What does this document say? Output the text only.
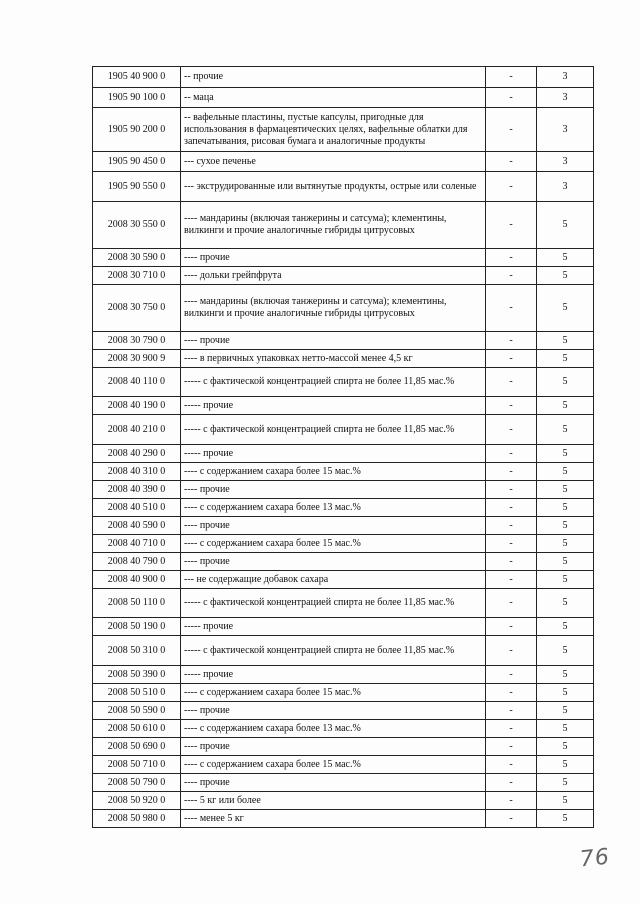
1905 40 900 0	-- прочие	-	3
1905 90 100 0	-- маца	-	3
1905 90 200 0	-- вафельные пластины, пустые капсулы, пригодные для использования в фармацевтических целях, вафельные облатки для запечатывания, рисовая бумага и аналогичные продукты	-	3
1905 90 450 0	--- сухое печенье	-	3
1905 90 550 0	--- экструдированные или вытянутые продукты, острые или соленые	-	3
2008 30 550 0	---- мандарины (включая танжерины и сатсума); клементины, вилкинги и прочие аналогичные гибриды цитрусовых	-	5
2008 30 590 0	---- прочие	-	5
2008 30 710 0	---- дольки грейпфрута	-	5
2008 30 750 0	---- мандарины (включая танжерины и сатсума); клементины, вилкинги и прочие аналогичные гибриды цитрусовых	-	5
2008 30 790 0	---- прочие	-	5
2008 30 900 9	---- в первичных упаковках нетто-массой менее 4,5 кг	-	5
2008 40 110 0	----- с фактической концентрацией спирта не более 11,85 мас.%	-	5
2008 40 190 0	----- прочие	-	5
2008 40 210 0	----- с фактической концентрацией спирта не более 11,85 мас.%	-	5
2008 40 290 0	----- прочие	-	5
2008 40 310 0	---- с содержанием сахара более 15 мас.%	-	5
2008 40 390 0	---- прочие	-	5
2008 40 510 0	---- с содержанием сахара более 13 мас.%	-	5
2008 40 590 0	---- прочие	-	5
2008 40 710 0	---- с содержанием сахара более 15 мас.%	-	5
2008 40 790 0	---- прочие	-	5
2008 40 900 0	--- не содержащие добавок сахара	-	5
2008 50 110 0	----- с фактической концентрацией спирта не более 11,85 мас.%	-	5
2008 50 190 0	----- прочие	-	5
2008 50 310 0	----- с фактической концентрацией спирта не более 11,85 мас.%	-	5
2008 50 390 0	----- прочие	-	5
2008 50 510 0	---- с содержанием сахара более 15 мас.%	-	5
2008 50 590 0	---- прочие	-	5
2008 50 610 0	---- с содержанием сахара более 13 мас.%	-	5
2008 50 690 0	---- прочие	-	5
2008 50 710 0	---- с содержанием сахара более 15 мас.%	-	5
2008 50 790 0	---- прочие	-	5
2008 50 920 0	---- 5 кг или более	-	5
2008 50 980 0	---- менее 5 кг	-	5
76
